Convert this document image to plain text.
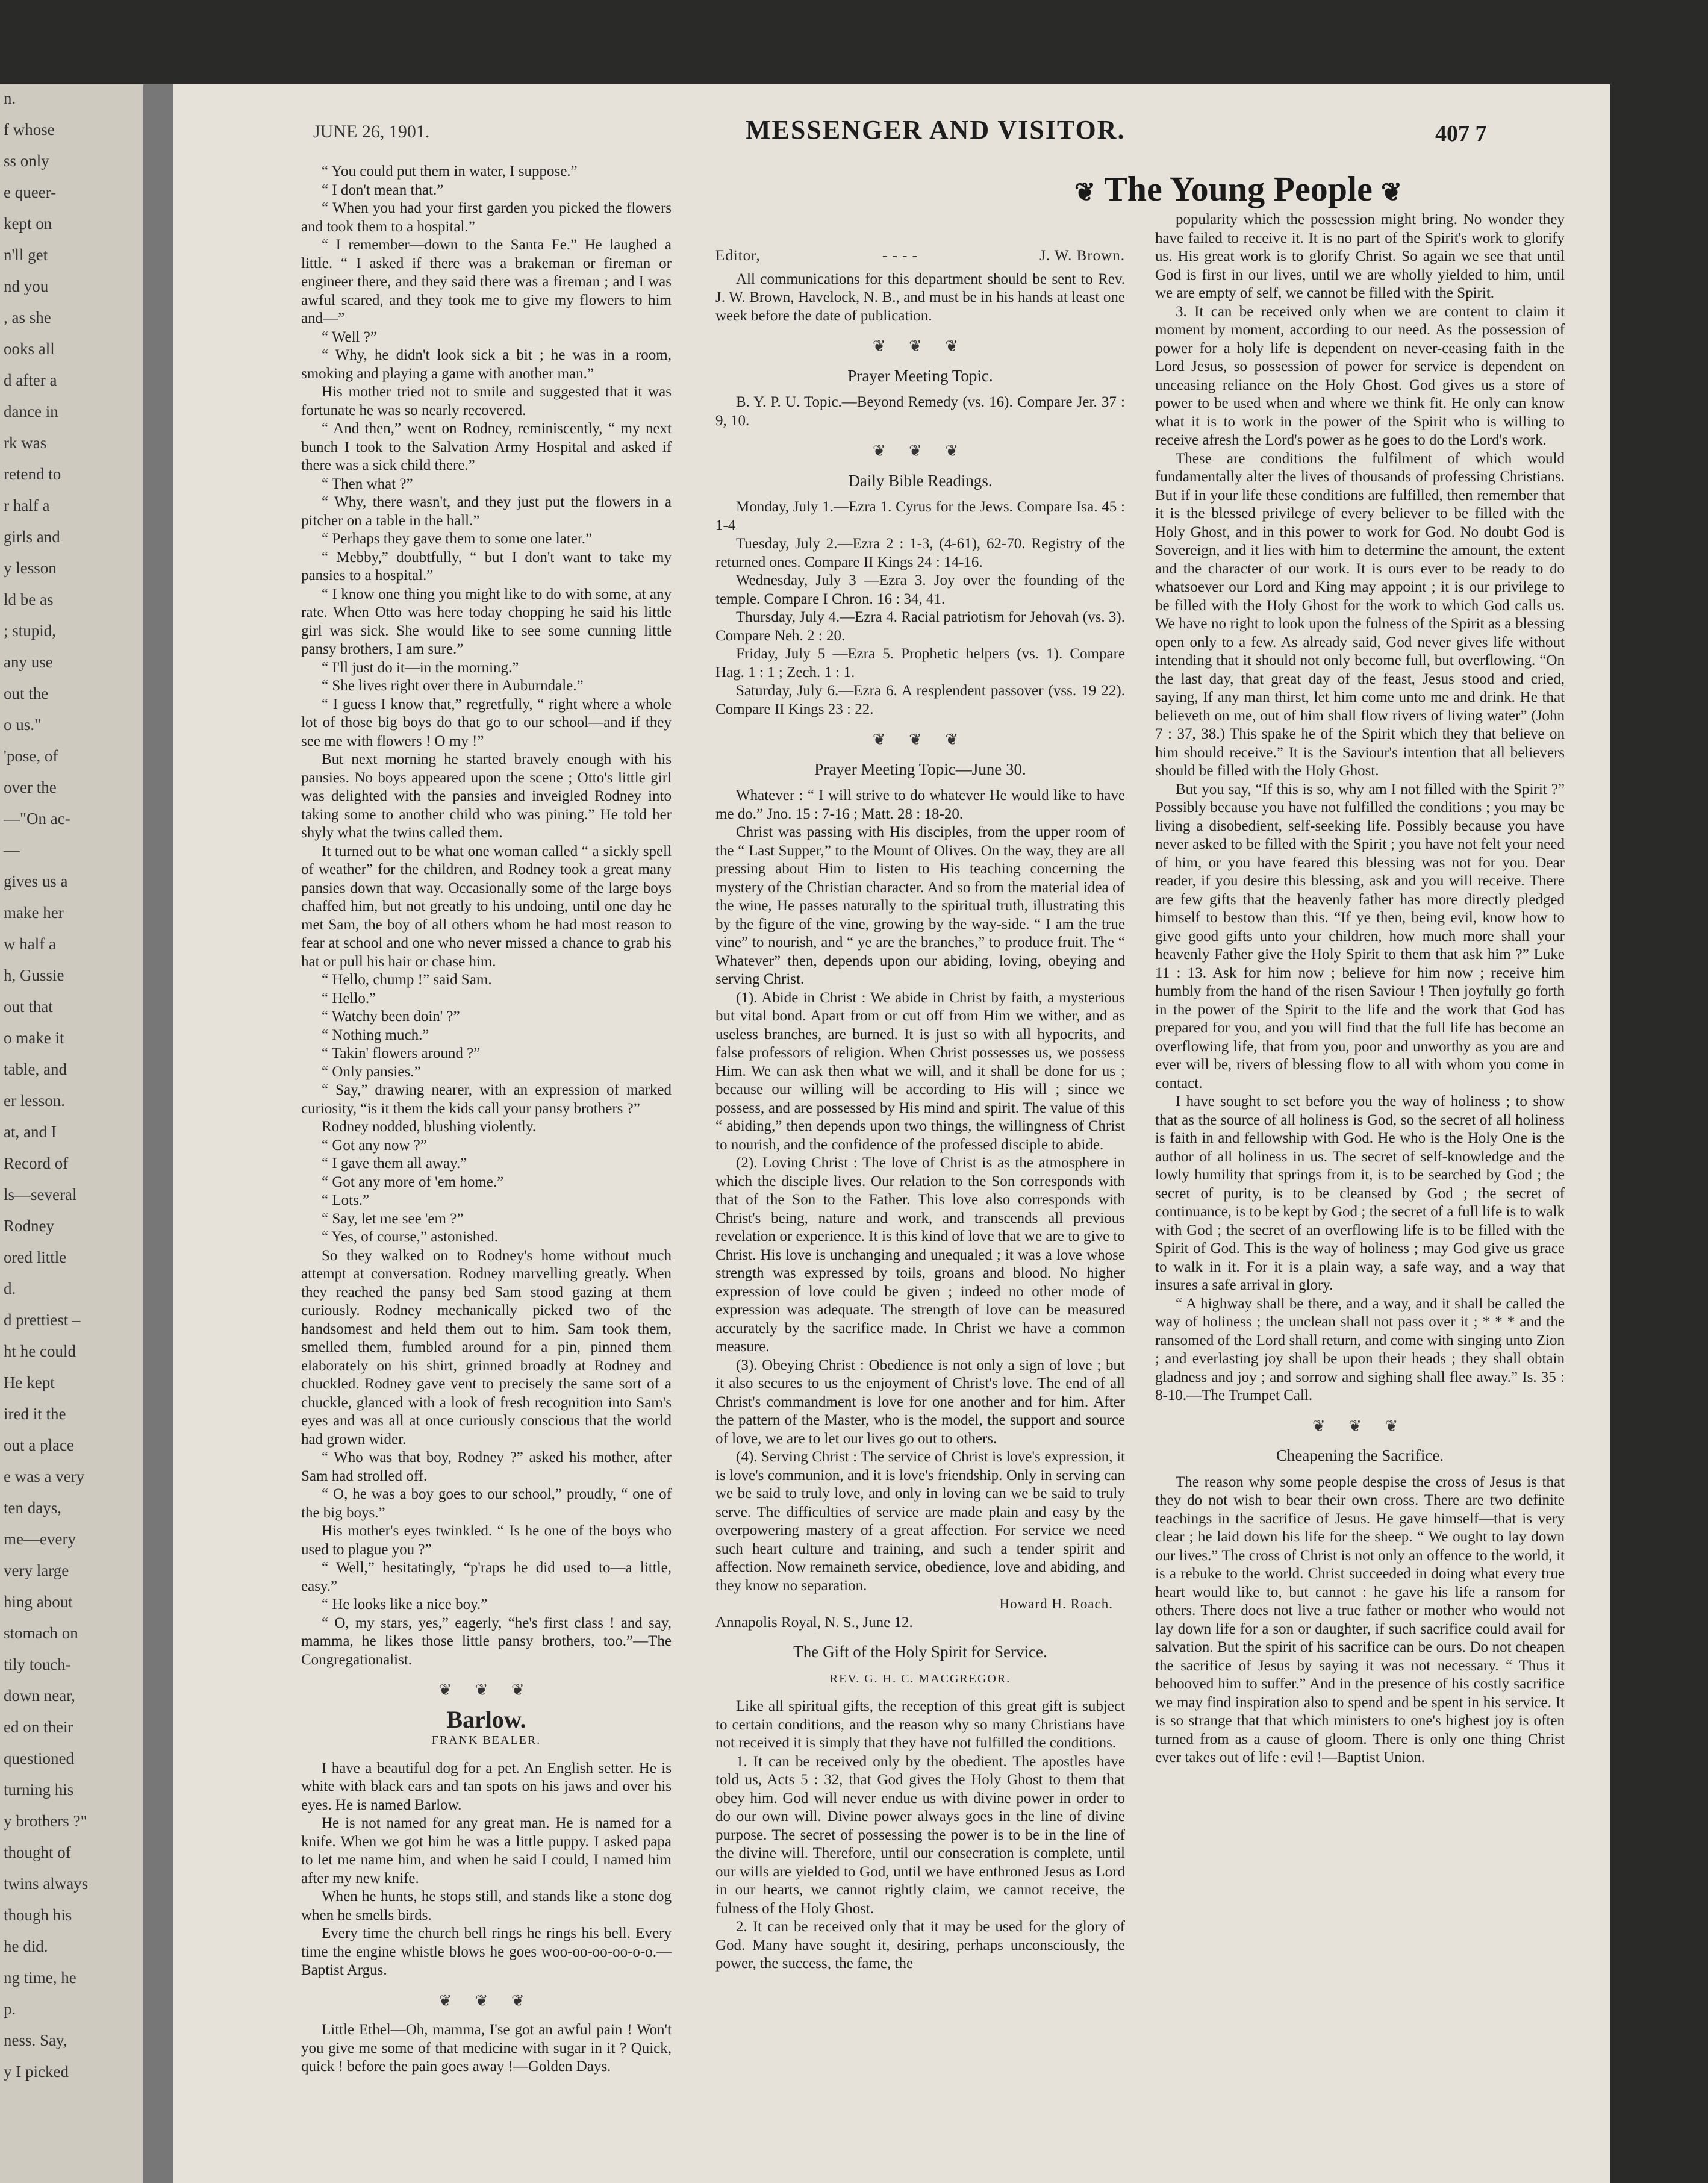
n.
f whose
ss only
e queer-
kept on
n'll get
nd you
, as she
ooks all
d after a
dance in
rk was
retend to
r half a
girls and
y lesson
ld be as
; stupid,
any use
out the
o us."
'pose, of
over the
—"On ac-
—
gives us a
make her
w half a
h, Gussie
out that
o make it
table, and
er lesson.
at, and I
Record of
ls—several
Rodney
ored little
d.
d prettiest –
ht he could
He kept
ired it the
out a place
e was a very
ten days,
me—every
very large
hing about
stomach on
tily touch-
down near,
ed on their
questioned
turning his
y brothers ?"
thought of
twins always
though his
he did.
ng time, he
p.
ness. Say,
y I picked
JUNE 26, 1901.	MESSENGER AND VISITOR.	407 7
❦ The Young People ❦

“ You could put them in water, I suppose.”

“ I don't mean that.”

“ When you had your first garden you picked the flowers and took them to a hospital.”

“ I remember—down to the Santa Fe.” He laughed a little. “ I asked if there was a brakeman or fireman or engineer there, and they said there was a fireman ; and I was awful scared, and they took me to give my flowers to him and—”

“ Well ?”

“ Why, he didn't look sick a bit ; he was in a room, smoking and playing a game with another man.”

His mother tried not to smile and suggested that it was fortunate he was so nearly recovered.

“ And then,” went on Rodney, reminiscently, “ my next bunch I took to the Salvation Army Hospital and asked if there was a sick child there.”

“ Then what ?”

“ Why, there wasn't, and they just put the flowers in a pitcher on a table in the hall.”

“ Perhaps they gave them to some one later.”

“ Mebby,” doubtfully, “ but I don't want to take my pansies to a hospital.”

“ I know one thing you might like to do with some, at any rate. When Otto was here today chopping he said his little girl was sick. She would like to see some cunning little pansy brothers, I am sure.”

“ I'll just do it—in the morning.”

“ She lives right over there in Auburndale.”

“ I guess I know that,” regretfully, “ right where a whole lot of those big boys do that go to our school—and if they see me with flowers ! O my !”

But next morning he started bravely enough with his pansies. No boys appeared upon the scene ; Otto's little girl was delighted with the pansies and inveigled Rodney into taking some to another child who was pining.” He told her shyly what the twins called them.

It turned out to be what one woman called “ a sickly spell of weather” for the children, and Rodney took a great many pansies down that way. Occasionally some of the large boys chaffed him, but not greatly to his undoing, until one day he met Sam, the boy of all others whom he had most reason to fear at school and one who never missed a chance to grab his hat or pull his hair or chase him.

“ Hello, chump !” said Sam.

“ Hello.”

“ Watchy been doin' ?”

“ Nothing much.”

“ Takin' flowers around ?”

“ Only pansies.”

“ Say,” drawing nearer, with an expression of marked curiosity, “is it them the kids call your pansy brothers ?”

Rodney nodded, blushing violently.

“ Got any now ?”

“ I gave them all away.”

“ Got any more of 'em home.”

“ Lots.”

“ Say, let me see 'em ?”

“ Yes, of course,” astonished.

So they walked on to Rodney's home without much attempt at conversation. Rodney marvelling greatly. When they reached the pansy bed Sam stood gazing at them curiously. Rodney mechanically picked two of the handsomest and held them out to him. Sam took them, smelled them, fumbled around for a pin, pinned them elaborately on his shirt, grinned broadly at Rodney and chuckled. Rodney gave vent to precisely the same sort of a chuckle, glanced with a look of fresh recognition into Sam's eyes and was all at once curiously conscious that the world had grown wider.

“ Who was that boy, Rodney ?” asked his mother, after Sam had strolled off.

“ O, he was a boy goes to our school,” proudly, “ one of the big boys.”

His mother's eyes twinkled. “ Is he one of the boys who used to plague you ?”

“ Well,” hesitatingly, “p'raps he did used to—a little, easy.”

“ He looks like a nice boy.”

“ O, my stars, yes,” eagerly, “he's first class ! and say, mamma, he likes those little pansy brothers, too.”—The Congregationalist.

❦ ❦ ❦
Barlow.
FRANK BEALER.

I have a beautiful dog for a pet. An English setter. He is white with black ears and tan spots on his jaws and over his eyes. He is named Barlow.

He is not named for any great man. He is named for a knife. When we got him he was a little puppy. I asked papa to let me name him, and when he said I could, I named him after my new knife.

When he hunts, he stops still, and stands like a stone dog when he smells birds.

Every time the church bell rings he rings his bell. Every time the engine whistle blows he goes woo-oo-oo-oo-o-o.—Baptist Argus.

❦ ❦ ❦

Little Ethel—Oh, mamma, I'se got an awful pain ! Won't you give me some of that medicine with sugar in it ? Quick, quick ! before the pain goes away !—Golden Days.

Editor,	- - - -	J. W. Brown.

All communications for this department should be sent to Rev. J. W. Brown, Havelock, N. B., and must be in his hands at least one week before the date of publication.

❦ ❦ ❦
Prayer Meeting Topic.

B. Y. P. U. Topic.—Beyond Remedy (vs. 16). Compare Jer. 37 : 9, 10.

❦ ❦ ❦
Daily Bible Readings.

Monday, July 1.—Ezra 1. Cyrus for the Jews. Compare Isa. 45 : 1-4

Tuesday, July 2.—Ezra 2 : 1-3, (4-61), 62-70. Registry of the returned ones. Compare II Kings 24 : 14-16.

Wednesday, July 3 —Ezra 3. Joy over the founding of the temple. Compare I Chron. 16 : 34, 41.

Thursday, July 4.—Ezra 4. Racial patriotism for Jehovah (vs. 3). Compare Neh. 2 : 20.

Friday, July 5 —Ezra 5. Prophetic helpers (vs. 1). Compare Hag. 1 : 1 ; Zech. 1 : 1.

Saturday, July 6.—Ezra 6. A resplendent passover (vss. 19 22). Compare II Kings 23 : 22.

❦ ❦ ❦
Prayer Meeting Topic—June 30.

Whatever : “ I will strive to do whatever He would like to have me do.” Jno. 15 : 7-16 ; Matt. 28 : 18-20.

Christ was passing with His disciples, from the upper room of the “ Last Supper,” to the Mount of Olives. On the way, they are all pressing about Him to listen to His teaching concerning the mystery of the Christian character. And so from the material idea of the wine, He passes naturally to the spiritual truth, illustrating this by the figure of the vine, growing by the way-side. “ I am the true vine” to nourish, and “ ye are the branches,” to produce fruit. The “ Whatever” then, depends upon our abiding, loving, obeying and serving Christ.

(1). Abide in Christ : We abide in Christ by faith, a mysterious but vital bond. Apart from or cut off from Him we wither, and as useless branches, are burned. It is just so with all hypocrits, and false professors of religion. When Christ possesses us, we possess Him. We can ask then what we will, and it shall be done for us ; because our willing will be according to His will ; since we possess, and are possessed by His mind and spirit. The value of this “ abiding,” then depends upon two things, the willingness of Christ to nourish, and the confidence of the professed disciple to abide.

(2). Loving Christ : The love of Christ is as the atmosphere in which the disciple lives. Our relation to the Son corresponds with that of the Son to the Father. This love also corresponds with Christ's being, nature and work, and transcends all previous revelation or experience. It is this kind of love that we are to give to Christ. His love is unchanging and unequaled ; it was a love whose strength was expressed by toils, groans and blood. No higher expression of love could be given ; indeed no other mode of expression was adequate. The strength of love can be measured accurately by the sacrifice made. In Christ we have a common measure.

(3). Obeying Christ : Obedience is not only a sign of love ; but it also secures to us the enjoyment of Christ's love. The end of all Christ's commandment is love for one another and for him. After the pattern of the Master, who is the model, the support and source of love, we are to let our lives go out to others.

(4). Serving Christ : The service of Christ is love's expression, it is love's communion, and it is love's friendship. Only in serving can we be said to truly love, and only in loving can we be said to truly serve. The difficulties of service are made plain and easy by the overpowering mastery of a great affection. For service we need such heart culture and training, and such a tender spirit and affection. Now remaineth service, obedience, love and abiding, and they know no separation.

Howard H. Roach.

Annapolis Royal, N. S., June 12.

The Gift of the Holy Spirit for Service.
REV. G. H. C. MACGREGOR.

Like all spiritual gifts, the reception of this great gift is subject to certain conditions, and the reason why so many Christians have not received it is simply that they have not fulfilled the conditions.

1. It can be received only by the obedient. The apostles have told us, Acts 5 : 32, that God gives the Holy Ghost to them that obey him. God will never endue us with divine power in order to do our own will. Divine power always goes in the line of divine purpose. The secret of possessing the power is to be in the line of the divine will. Therefore, until our consecration is complete, until our wills are yielded to God, until we have enthroned Jesus as Lord in our hearts, we cannot rightly claim, we cannot receive, the fulness of the Holy Ghost.

2. It can be received only that it may be used for the glory of God. Many have sought it, desiring, perhaps unconsciously, the power, the success, the fame, the

popularity which the possession might bring. No wonder they have failed to receive it. It is no part of the Spirit's work to glorify us. His great work is to glorify Christ. So again we see that until God is first in our lives, until we are wholly yielded to him, until we are empty of self, we cannot be filled with the Spirit.

3. It can be received only when we are content to claim it moment by moment, according to our need. As the possession of power for a holy life is dependent on never-ceasing faith in the Lord Jesus, so possession of power for service is dependent on unceasing reliance on the Holy Ghost. God gives us a store of power to be used when and where we think fit. He only can know what it is to work in the power of the Spirit who is willing to receive afresh the Lord's power as he goes to do the Lord's work.

These are conditions the fulfilment of which would fundamentally alter the lives of thousands of professing Christians. But if in your life these conditions are fulfilled, then remember that it is the blessed privilege of every believer to be filled with the Holy Ghost, and in this power to work for God. No doubt God is Sovereign, and it lies with him to determine the amount, the extent and the character of our work. It is ours ever to be ready to do whatsoever our Lord and King may appoint ; it is our privilege to be filled with the Holy Ghost for the work to which God calls us. We have no right to look upon the fulness of the Spirit as a blessing open only to a few. As already said, God never gives life without intending that it should not only become full, but overflowing. “On the last day, that great day of the feast, Jesus stood and cried, saying, If any man thirst, let him come unto me and drink. He that believeth on me, out of him shall flow rivers of living water” (John 7 : 37, 38.) This spake he of the Spirit which they that believe on him should receive.” It is the Saviour's intention that all believers should be filled with the Holy Ghost.

But you say, “If this is so, why am I not filled with the Spirit ?” Possibly because you have not fulfilled the conditions ; you may be living a disobedient, self-seeking life. Possibly because you have never asked to be filled with the Spirit ; you have not felt your need of him, or you have feared this blessing was not for you. Dear reader, if you desire this blessing, ask and you will receive. There are few gifts that the heavenly father has more directly pledged himself to bestow than this. “If ye then, being evil, know how to give good gifts unto your children, how much more shall your heavenly Father give the Holy Spirit to them that ask him ?” Luke 11 : 13. Ask for him now ; believe for him now ; receive him humbly from the hand of the risen Saviour ! Then joyfully go forth in the power of the Spirit to the life and the work that God has prepared for you, and you will find that the full life has become an overflowing life, that from you, poor and unworthy as you are and ever will be, rivers of blessing flow to all with whom you come in contact.

I have sought to set before you the way of holiness ; to show that as the source of all holiness is God, so the secret of all holiness is faith in and fellowship with God. He who is the Holy One is the author of all holiness in us. The secret of self-knowledge and the lowly humility that springs from it, is to be searched by God ; the secret of purity, is to be cleansed by God ; the secret of continuance, is to be kept by God ; the secret of a full life is to walk with God ; the secret of an overflowing life is to be filled with the Spirit of God. This is the way of holiness ; may God give us grace to walk in it. For it is a plain way, a safe way, and a way that insures a safe arrival in glory.

“ A highway shall be there, and a way, and it shall be called the way of holiness ; the unclean shall not pass over it ; * * * and the ransomed of the Lord shall return, and come with singing unto Zion ; and everlasting joy shall be upon their heads ; they shall obtain gladness and joy ; and sorrow and sighing shall flee away.” Is. 35 : 8-10.—The Trumpet Call.

❦ ❦ ❦
Cheapening the Sacrifice.

The reason why some people despise the cross of Jesus is that they do not wish to bear their own cross. There are two definite teachings in the sacrifice of Jesus. He gave himself—that is very clear ; he laid down his life for the sheep. “ We ought to lay down our lives.” The cross of Christ is not only an offence to the world, it is a rebuke to the world. Christ succeeded in doing what every true heart would like to, but cannot : he gave his life a ransom for others. There does not live a true father or mother who would not lay down life for a son or daughter, if such sacrifice could avail for salvation. But the spirit of his sacrifice can be ours. Do not cheapen the sacrifice of Jesus by saying it was not necessary. “ Thus it behooved him to suffer.” And in the presence of his costly sacrifice we may find inspiration also to spend and be spent in his service. It is so strange that that which ministers to one's highest joy is often turned from as a cause of gloom. There is only one thing Christ ever takes out of life : evil !—Baptist Union.
